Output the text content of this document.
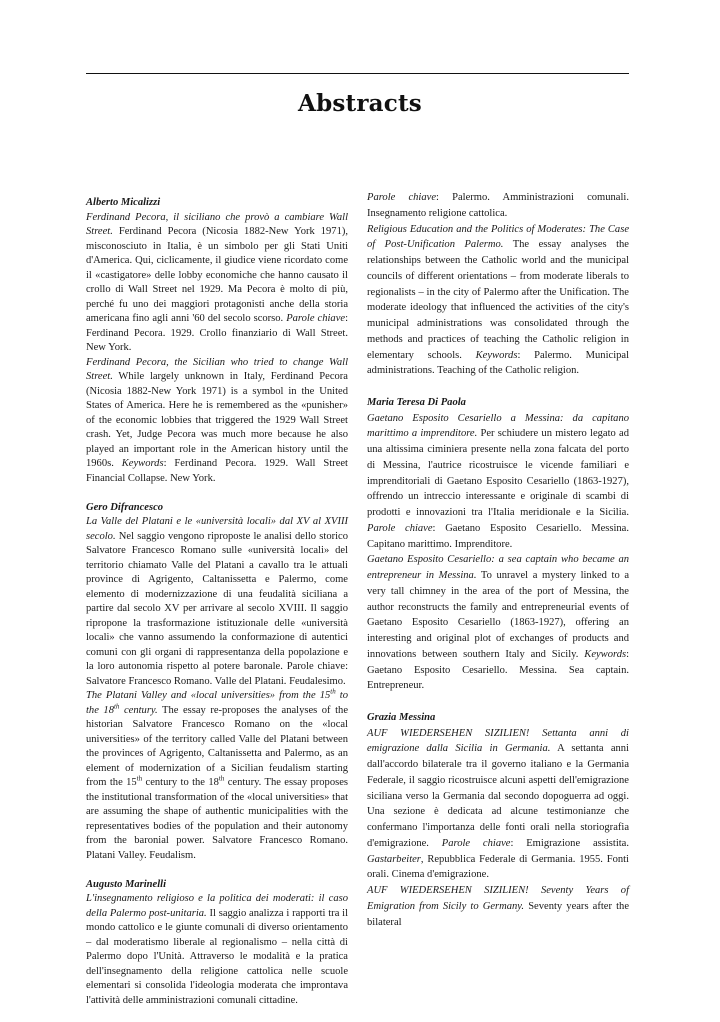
Abstracts
Alberto Micalizzi
Ferdinand Pecora, il siciliano che provò a cambiare Wall Street. Ferdinand Pecora (Nicosia 1882-New York 1971), misconosciuto in Italia, è un simbolo per gli Stati Uniti d'America. Qui, ciclicamente, il giudice viene ricordato come il «castigatore» delle lobby economiche che hanno causato il crollo di Wall Street nel 1929. Ma Pecora è molto di più, perché fu uno dei maggiori protagonisti anche della storia americana fino agli anni '60 del secolo scorso. Parole chiave: Ferdinand Pecora. 1929. Crollo finanziario di Wall Street. New York.
Ferdinand Pecora, the Sicilian who tried to change Wall Street. While largely unknown in Italy, Ferdinand Pecora (Nicosia 1882-New York 1971) is a symbol in the United States of America. Here he is remembered as the «punisher» of the economic lobbies that triggered the 1929 Wall Street crash. Yet, Judge Pecora was much more because he also played an important role in the American history until the 1960s. Keywords: Ferdinand Pecora. 1929. Wall Street Financial Collapse. New York.
Gero Difrancesco
La Valle del Platani e le «università locali» dal XV al XVIII secolo. Nel saggio vengono riproposte le analisi dello storico Salvatore Francesco Romano sulle «università locali» del territorio chiamato Valle del Platani a cavallo tra le attuali province di Agrigento, Caltanissetta e Palermo, come elemento di modernizzazione di una feudalità siciliana a partire dal secolo XV per arrivare al secolo XVIII. Il saggio ripropone la trasformazione istituzionale delle «università locali» che vanno assumendo la conformazione di autentici comuni con gli organi di rappresentanza della popolazione e la loro autonomia rispetto al potere baronale. Parole chiave: Salvatore Francesco Romano. Valle del Platani. Feudalesimo.
The Platani Valley and «local universities» from the 15th to the 18th century. The essay re-proposes the analyses of the historian Salvatore Francesco Romano on the «local universities» of the territory called Valle del Platani between the provinces of Agrigento, Caltanissetta and Palermo, as an element of modernization of a Sicilian feudalism starting from the 15th century to the 18th century. The essay proposes the institutional transformation of the «local universities» that are assuming the shape of authentic municipalities with the representatives bodies of the population and their autonomy from the baronial power. Salvatore Francesco Romano. Platani Valley. Feudalism.
Augusto Marinelli
L'insegnamento religioso e la politica dei moderati: il caso della Palermo post-unitaria. Il saggio analizza i rapporti tra il mondo cattolico e le giunte comunali di diverso orientamento – dal moderatismo liberale al regionalismo – nella città di Palermo dopo l'Unità. Attraverso le modalità e la pratica dell'insegnamento della religione cattolica nelle scuole elementari si consolida l'ideologia moderata che improntava l'attività delle amministrazioni comunali cittadine.
Parole chiave: Palermo. Amministrazioni comunali. Insegnamento religione cattolica.
Religious Education and the Politics of Moderates: The Case of Post-Unification Palermo. The essay analyses the relationships between the Catholic world and the municipal councils of different orientations – from moderate liberals to regionalists – in the city of Palermo after the Unification. The moderate ideology that influenced the activities of the city's municipal administrations was consolidated through the methods and practices of teaching the Catholic religion in elementary schools. Keywords: Palermo. Municipal administrations. Teaching of the Catholic religion.
Maria Teresa Di Paola
Gaetano Esposito Cesariello a Messina: da capitano marittimo a imprenditore. Per schiudere un mistero legato ad una altissima ciminiera presente nella zona falcata del porto di Messina, l'autrice ricostruisce le vicende familiari e imprenditoriali di Gaetano Esposito Cesariello (1863-1927), offrendo un intreccio interessante e originale di scambi di prodotti e innovazioni tra l'Italia meridionale e la Sicilia. Parole chiave: Gaetano Esposito Cesariello. Messina. Capitano marittimo. Imprenditore.
Gaetano Esposito Cesariello: a sea captain who became an entrepreneur in Messina. To unravel a mystery linked to a very tall chimney in the area of the port of Messina, the author reconstructs the family and entrepreneurial events of Gaetano Esposito Cesariello (1863-1927), offering an interesting and original plot of exchanges of products and innovations between southern Italy and Sicily. Keywords: Gaetano Esposito Cesariello. Messina. Sea captain. Entrepreneur.
Grazia Messina
AUF WIEDERSEHEN SIZILIEN! Settanta anni di emigrazione dalla Sicilia in Germania. A settanta anni dall'accordo bilaterale tra il governo italiano e la Germania Federale, il saggio ricostruisce alcuni aspetti dell'emigrazione siciliana verso la Germania dal secondo dopoguerra ad oggi. Una sezione è dedicata ad alcune testimonianze che confermano l'importanza delle fonti orali nella storiografia d'emigrazione. Parole chiave: Emigrazione assistita. Gastarbeiter, Repubblica Federale di Germania. 1955. Fonti orali. Cinema d'emigrazione.
AUF WIEDERSEHEN SIZILIEN! Seventy Years of Emigration from Sicily to Germany. Seventy years after the bilateral
